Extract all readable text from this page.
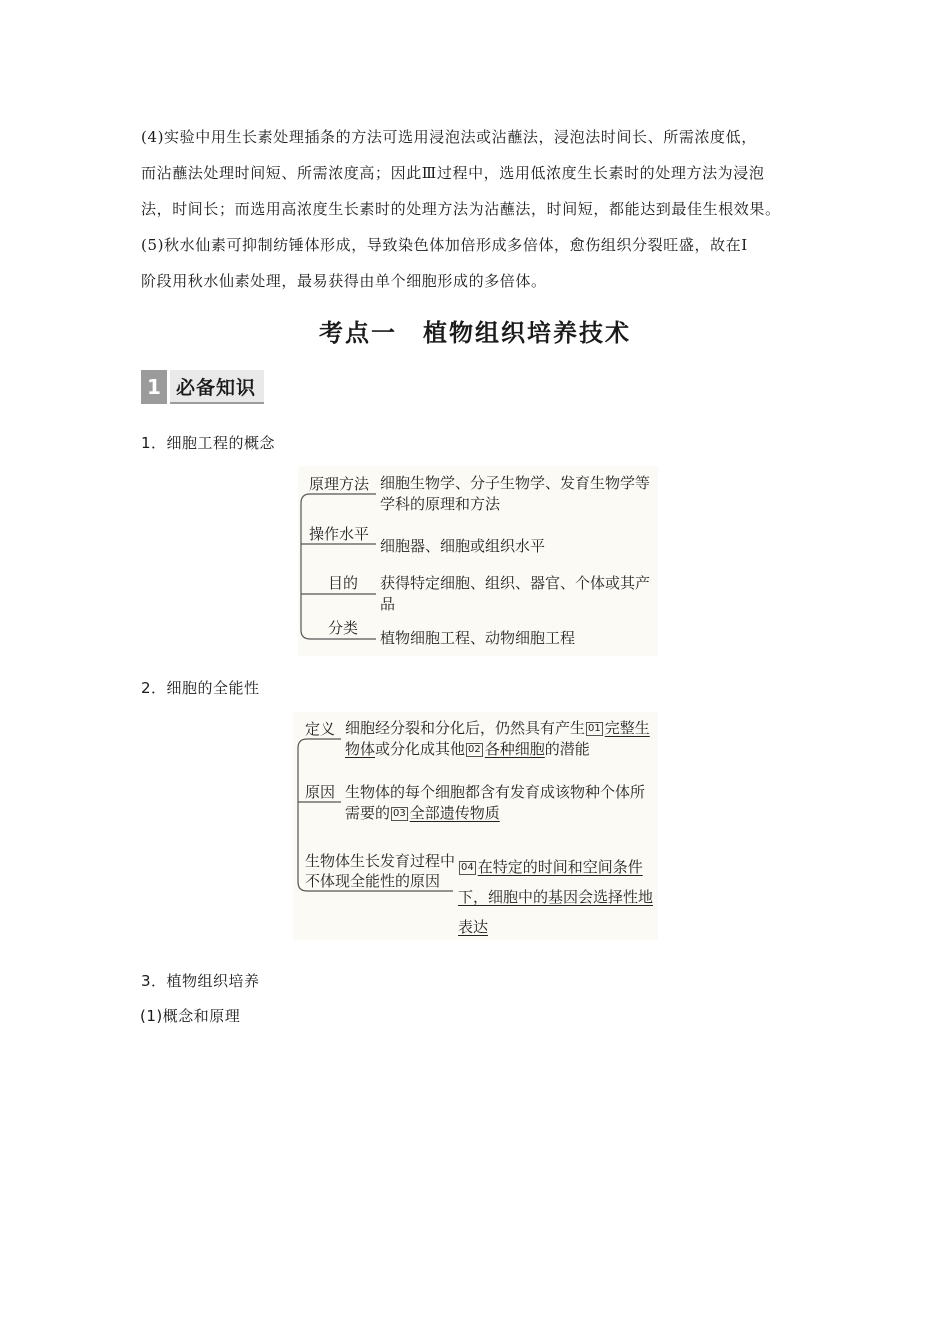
(4)实验中用生长素处理插条的方法可选用浸泡法或沾蘸法，浸泡法时间长、所需浓度低，

而沾蘸法处理时间短、所需浓度高；因此Ⅲ过程中，选用低浓度生长素时的处理方法为浸泡

法，时间长；而选用高浓度生长素时的处理方法为沾蘸法，时间短，都能达到最佳生根效果。

(5)秋水仙素可抑制纺锤体形成，导致染色体加倍形成多倍体，愈伤组织分裂旺盛，故在Ⅰ

阶段用秋水仙素处理，最易获得由单个细胞形成的多倍体。

考点一　植物组织培养技术
1 必备知识
1．细胞工程的概念
原理方法
操作水平
目的
分类
细胞生物学、分子生物学、发育生物学等学科的原理和方法
细胞器、细胞或组织水平
获得特定细胞、组织、器官、个体或其产品
植物细胞工程、动物细胞工程
2．细胞的全能性
定义
原因
生物体生长发育过程中
不体现全能性的原因
细胞经分裂和分化后，仍然具有产生 01 完整生物体或分化成其他 02 各种细胞的潜能
生物体的每个细胞都含有发育成该物种个体所需要的 03 全部遗传物质
04 在特定的时间和空间条件下，细胞中的基因会选择性地表达
3．植物组织培养
(1)概念和原理
